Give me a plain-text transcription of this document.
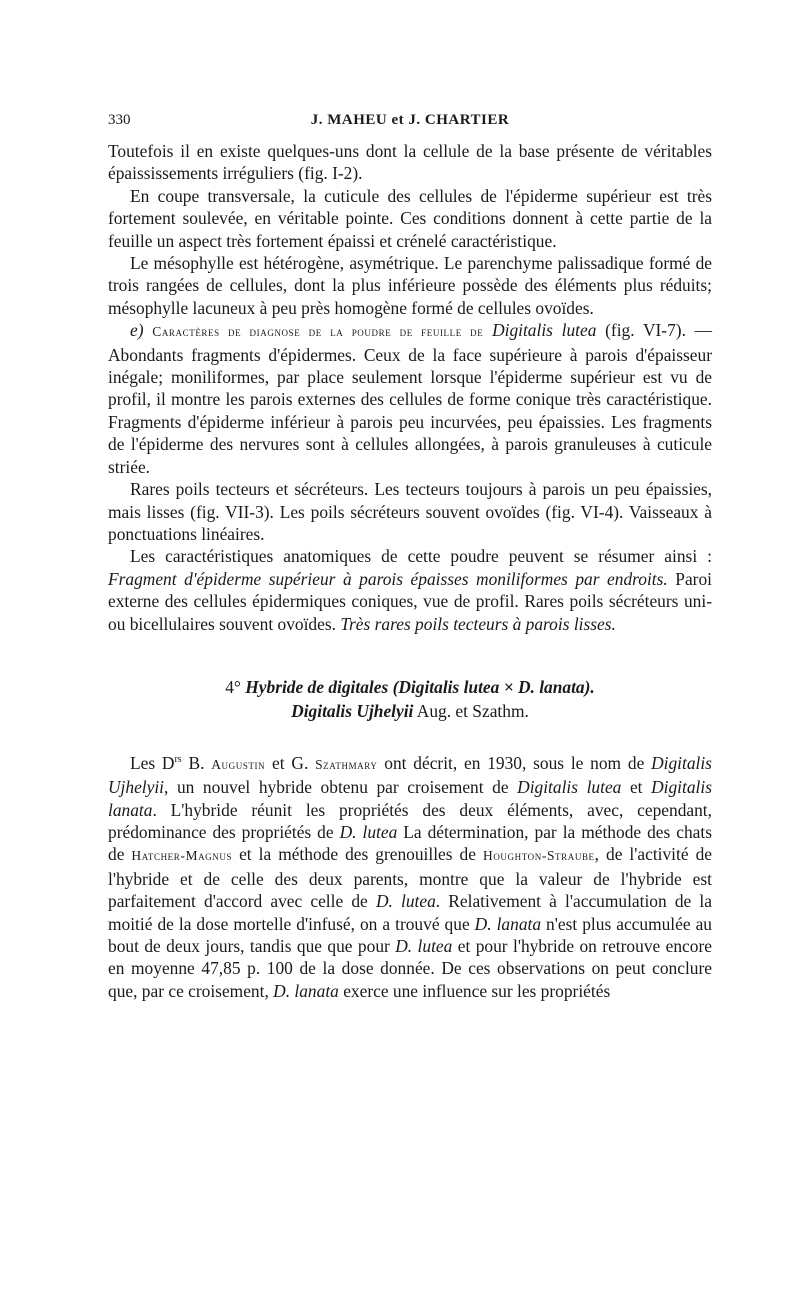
330	J. MAHEU et J. CHARTIER

Toutefois il en existe quelques-uns dont la cellule de la base présente de véritables épaississements irréguliers (fig. I-2).

En coupe transversale, la cuticule des cellules de l'épiderme supérieur est très fortement soulevée, en véritable pointe. Ces conditions donnent à cette partie de la feuille un aspect très fortement épaissi et crénelé caractéristique.

Le mésophylle est hétérogène, asymétrique. Le parenchyme palissadique formé de trois rangées de cellules, dont la plus inférieure possède des éléments plus réduits; mésophylle lacuneux à peu près homogène formé de cellules ovoïdes.

e) Caractères de diagnose de la poudre de feuille de Digitalis lutea (fig. VI-7). — Abondants fragments d'épidermes. Ceux de la face supérieure à parois d'épaisseur inégale; moniliformes, par place seulement lorsque l'épiderme supérieur est vu de profil, il montre les parois externes des cellules de forme conique très caractéristique. Fragments d'épiderme inférieur à parois peu incurvées, peu épaissies. Les fragments de l'épiderme des nervures sont à cellules allongées, à parois granuleuses à cuticule striée.

Rares poils tecteurs et sécréteurs. Les tecteurs toujours à parois un peu épaissies, mais lisses (fig. VII-3). Les poils sécréteurs souvent ovoïdes (fig. VI-4). Vaisseaux à ponctuations linéaires.

Les caractéristiques anatomiques de cette poudre peuvent se résumer ainsi : Fragment d'épiderme supérieur à parois épaisses moniliformes par endroits. Paroi externe des cellules épidermiques coniques, vue de profil. Rares poils sécréteurs uni- ou bicellulaires souvent ovoïdes. Très rares poils tecteurs à parois lisses.

4° Hybride de digitales (Digitalis lutea × D. lanata).
Digitalis Ujhelyii Aug. et Szathm.

Les $D^{rs}$ B. Augustin et G. Szathmary ont décrit, en 1930, sous le nom de Digitalis Ujhelyii, un nouvel hybride obtenu par croisement de Digitalis lutea et Digitalis lanata. L'hybride réunit les propriétés des deux éléments, avec, cependant, prédominance des propriétés de D. lutea La détermination, par la méthode des chats de Hatcher-Magnus et la méthode des grenouilles de Houghton-Straube, de l'activité de l'hybride et de celle des deux parents, montre que la valeur de l'hybride est parfaitement d'accord avec celle de D. lutea. Relativement à l'accumulation de la moitié de la dose mortelle d'infusé, on a trouvé que D. lanata n'est plus accumulée au bout de deux jours, tandis que que pour D. lutea et pour l'hybride on retrouve encore en moyenne 47,85 p. 100 de la dose donnée. De ces observations on peut conclure que, par ce croisement, D. lanata exerce une influence sur les propriétés
